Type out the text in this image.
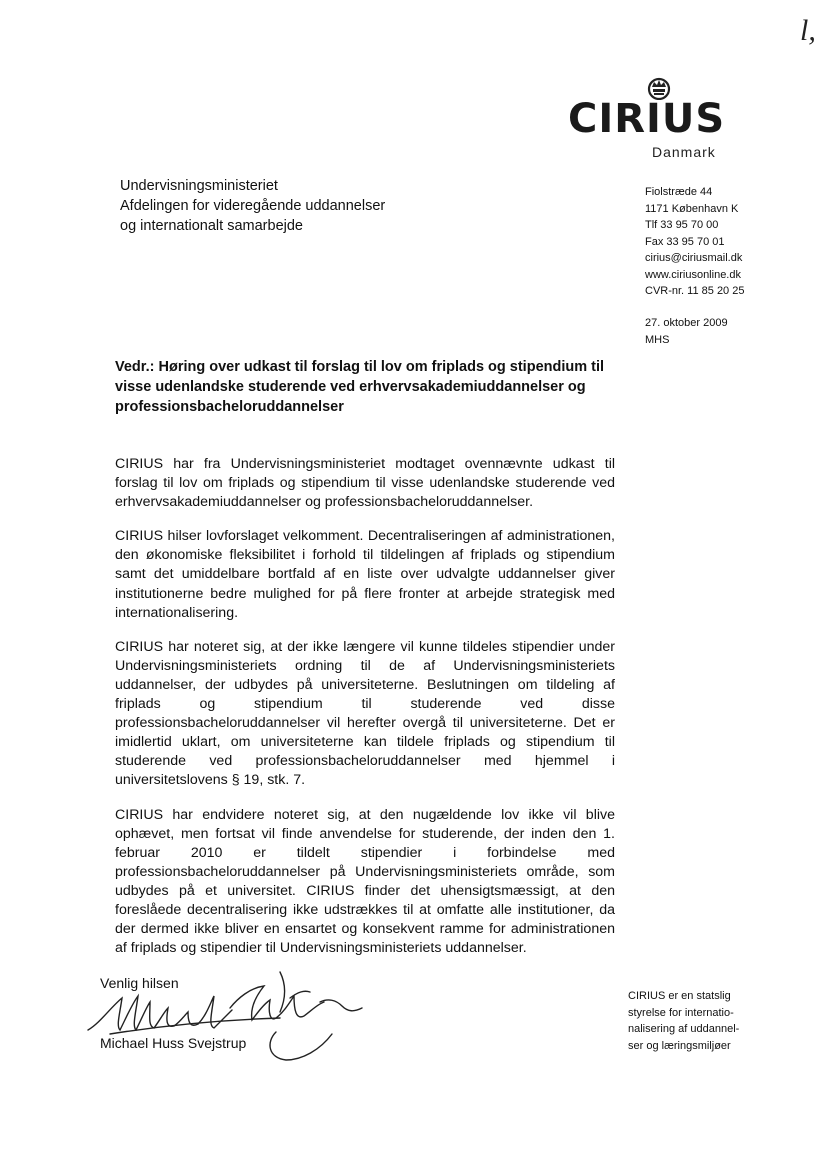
l,
CIRIUS
Danmark
Undervisningsministeriet
Afdelingen for videregående uddannelser
og internationalt samarbejde
Fiolstræde 44
1171 København K
Tlf 33 95 70 00
Fax 33 95 70 01
cirius@ciriusmail.dk
www.ciriusonline.dk
CVR-nr. 11 85 20 25
27. oktober 2009
MHS
Vedr.: Høring over udkast til forslag til lov om friplads og stipendium til visse udenlandske studerende ved erhvervsakademiuddannelser og professionsbacheloruddannelser

CIRIUS har fra Undervisningsministeriet modtaget ovennævnte udkast til forslag til lov om friplads og stipendium til visse udenlandske studerende ved erhvervsakademiuddannelser og professionsbacheloruddannelser.

CIRIUS hilser lovforslaget velkomment. Decentraliseringen af administrationen, den økonomiske fleksibilitet i forhold til tildelingen af friplads og stipendium samt det umiddelbare bortfald af en liste over udvalgte uddannelser giver institutionerne bedre mulighed for på flere fronter at arbejde strategisk med internationalisering.

CIRIUS har noteret sig, at der ikke længere vil kunne tildeles stipendier under Undervisningsministeriets ordning til de af Undervisningsministeriets uddannelser, der udbydes på universiteterne. Beslutningen om tildeling af friplads og stipendium til studerende ved disse professionsbacheloruddannelser vil herefter overgå til universiteterne. Det er imidlertid uklart, om universiteterne kan tildele friplads og stipendium til studerende ved professionsbacheloruddannelser med hjemmel i universitetslovens § 19, stk. 7.

CIRIUS har endvidere noteret sig, at den nugældende lov ikke vil blive ophævet, men fortsat vil finde anvendelse for studerende, der inden den 1. februar 2010 er tildelt stipendier i forbindelse med professionsbacheloruddannelser på Undervisningsministeriets område, som udbydes på et universitet. CIRIUS finder det uhensigtsmæssigt, at den foreslåede decentralisering ikke udstrækkes til at omfatte alle institutioner, da der dermed ikke bliver en ensartet og konsekvent ramme for administrationen af friplads og stipendier til Undervisningsministeriets uddannelser.

Venlig hilsen
Michael Huss Svejstrup
CIRIUS er en statslig
styrelse for internatio-
nalisering af uddannel-
ser og læringsmiljøer
